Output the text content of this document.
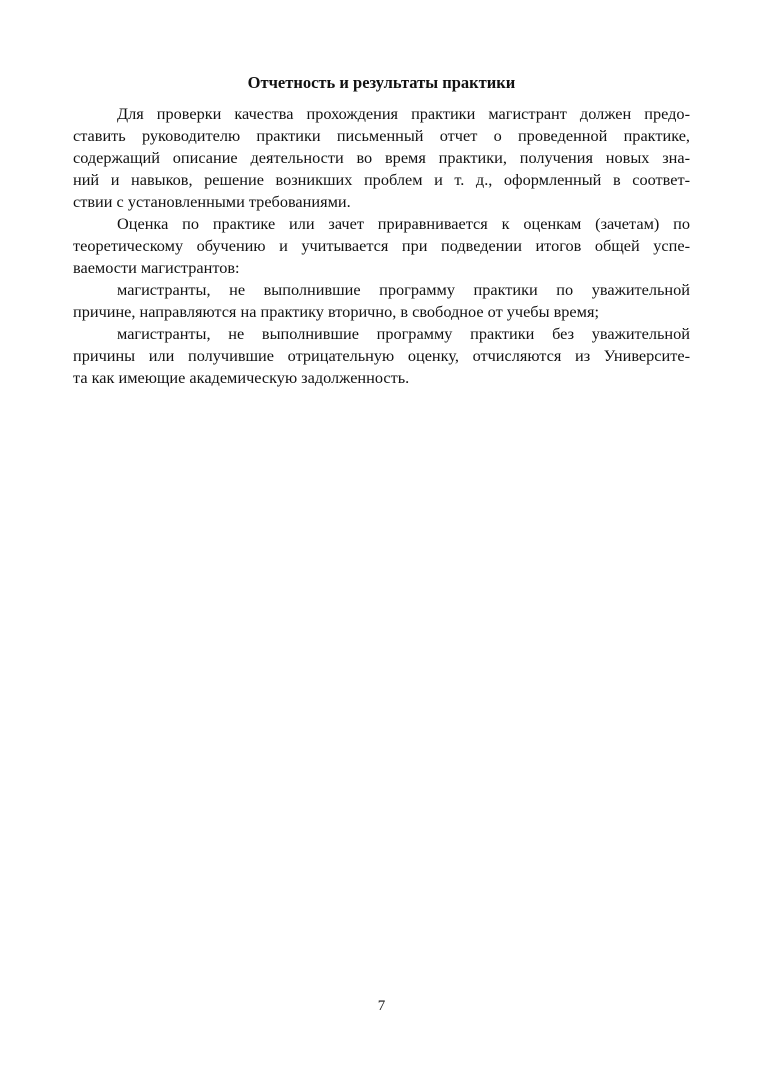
Отчетность и результаты практики
Для проверки качества прохождения практики магистрант должен предо-
ставить руководителю практики письменный отчет о проведенной практике,
содержащий описание деятельности во время практики, получения новых зна-
ний и навыков, решение возникших проблем и т. д., оформленный в соответ-
ствии с установленными требованиями.
Оценка по практике или зачет приравнивается к оценкам (зачетам) по
теоретическому обучению и учитывается при подведении итогов общей успе-
ваемости магистрантов:
магистранты, не выполнившие программу практики по уважительной
причине, направляются на практику вторично, в свободное от учебы время;
магистранты, не выполнившие программу практики без уважительной
причины или получившие отрицательную оценку, отчисляются из Университе-
та как имеющие академическую задолженность.
7
